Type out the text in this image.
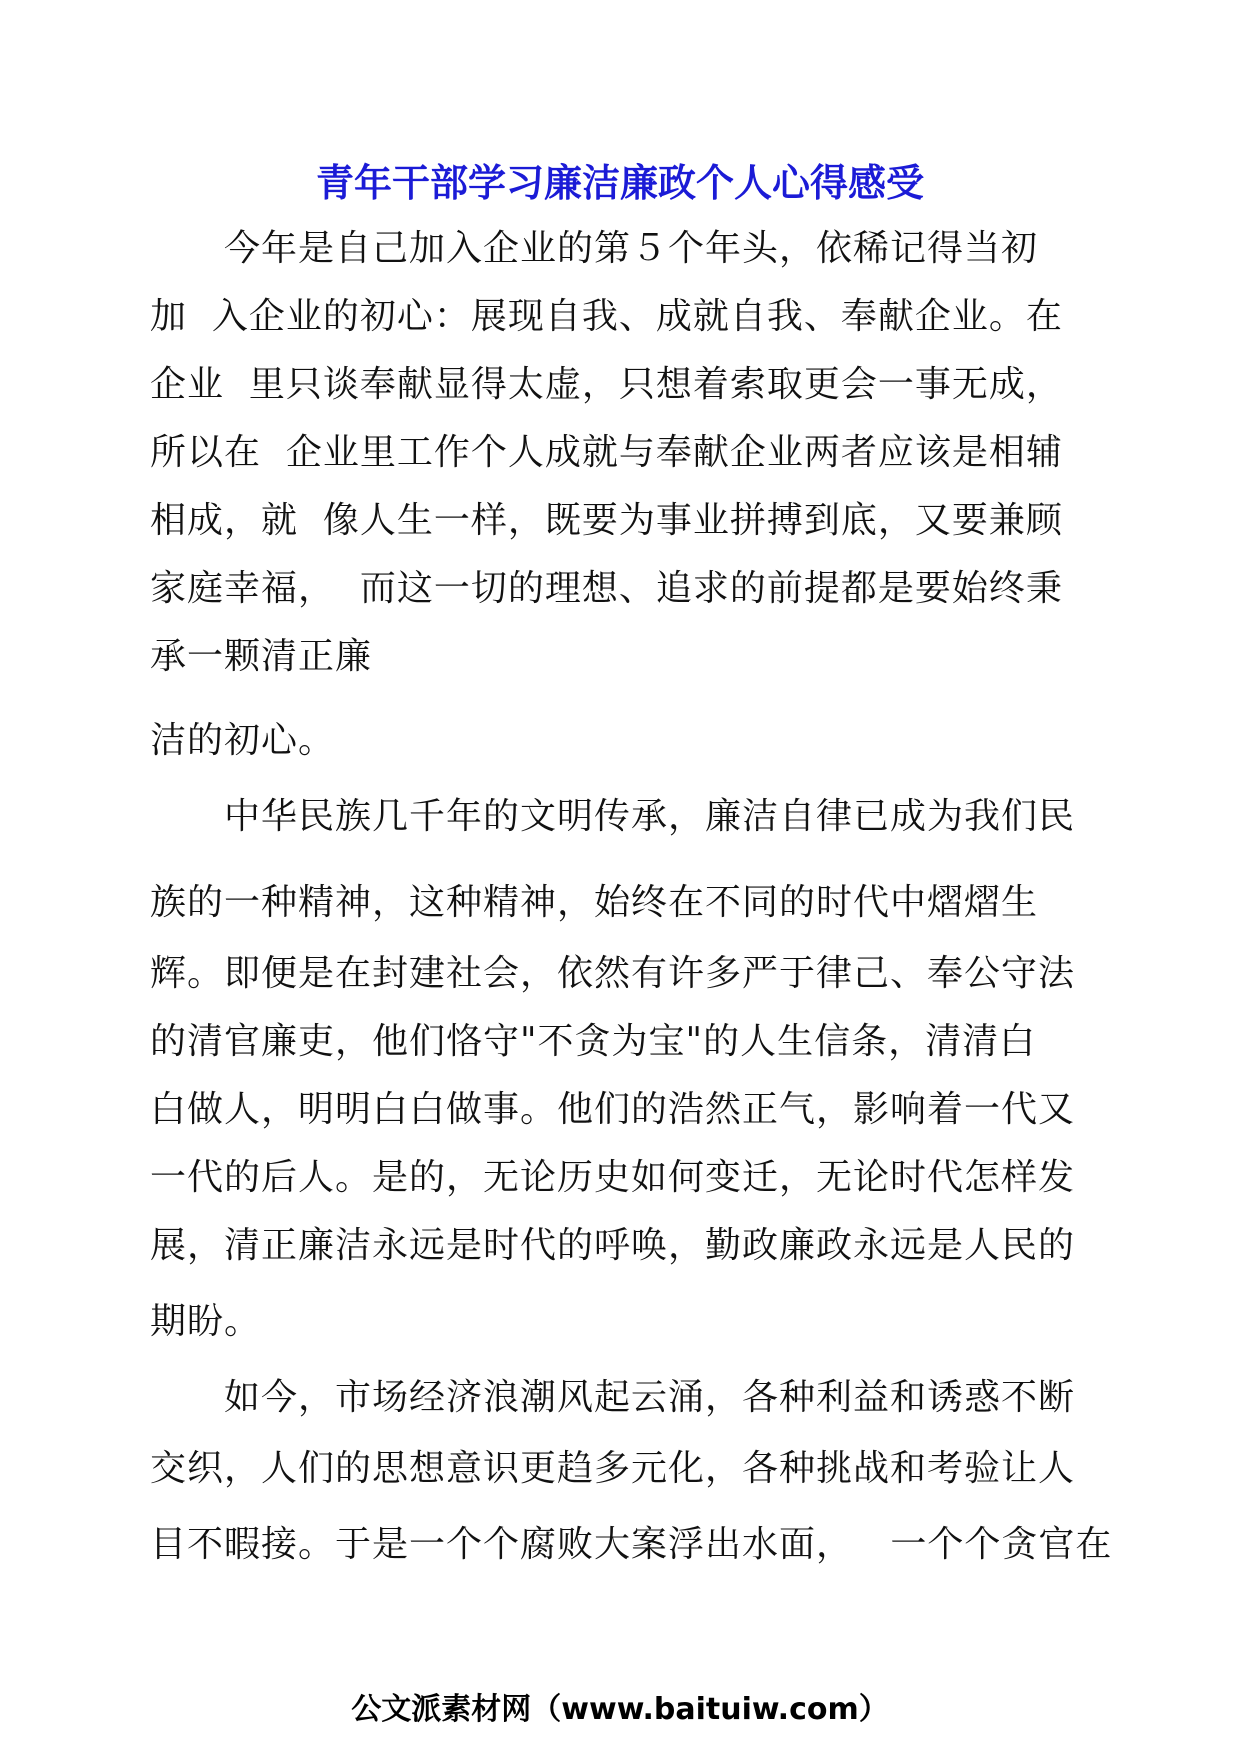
青年干部学习廉洁廉政个人心得感受
　　今年是自己加入企业的第５个年头，依稀记得当初
加  入企业的初心：展现自我、成就自我、奉献企业。在
企业  里只谈奉献显得太虚，只想着索取更会一事无成，
所以在  企业里工作个人成就与奉献企业两者应该是相辅
相成，就  像人生一样，既要为事业拼搏到底，又要兼顾
家庭幸福，  而这一切的理想、追求的前提都是要始终秉
承一颗清正廉
洁的初心。
　　中华民族几千年的文明传承，廉洁自律已成为我们民
族的一种精神，这种精神，始终在不同的时代中熠熠生
辉。即便是在封建社会，依然有许多严于律己、奉公守法
的清官廉吏，他们恪守"不贪为宝"的人生信条，清清白
白做人，明明白白做事。他们的浩然正气，影响着一代又
一代的后人。是的，无论历史如何变迁，无论时代怎样发
展，清正廉洁永远是时代的呼唤，勤政廉政永远是人民的
期盼。
　　如今，市场经济浪潮风起云涌，各种利益和诱惑不断
交织，人们的思想意识更趋多元化，各种挑战和考验让人
目不暇接。于是一个个腐败大案浮出水面，   一个个贪官在
公文派素材网（www.baituiw.com）
